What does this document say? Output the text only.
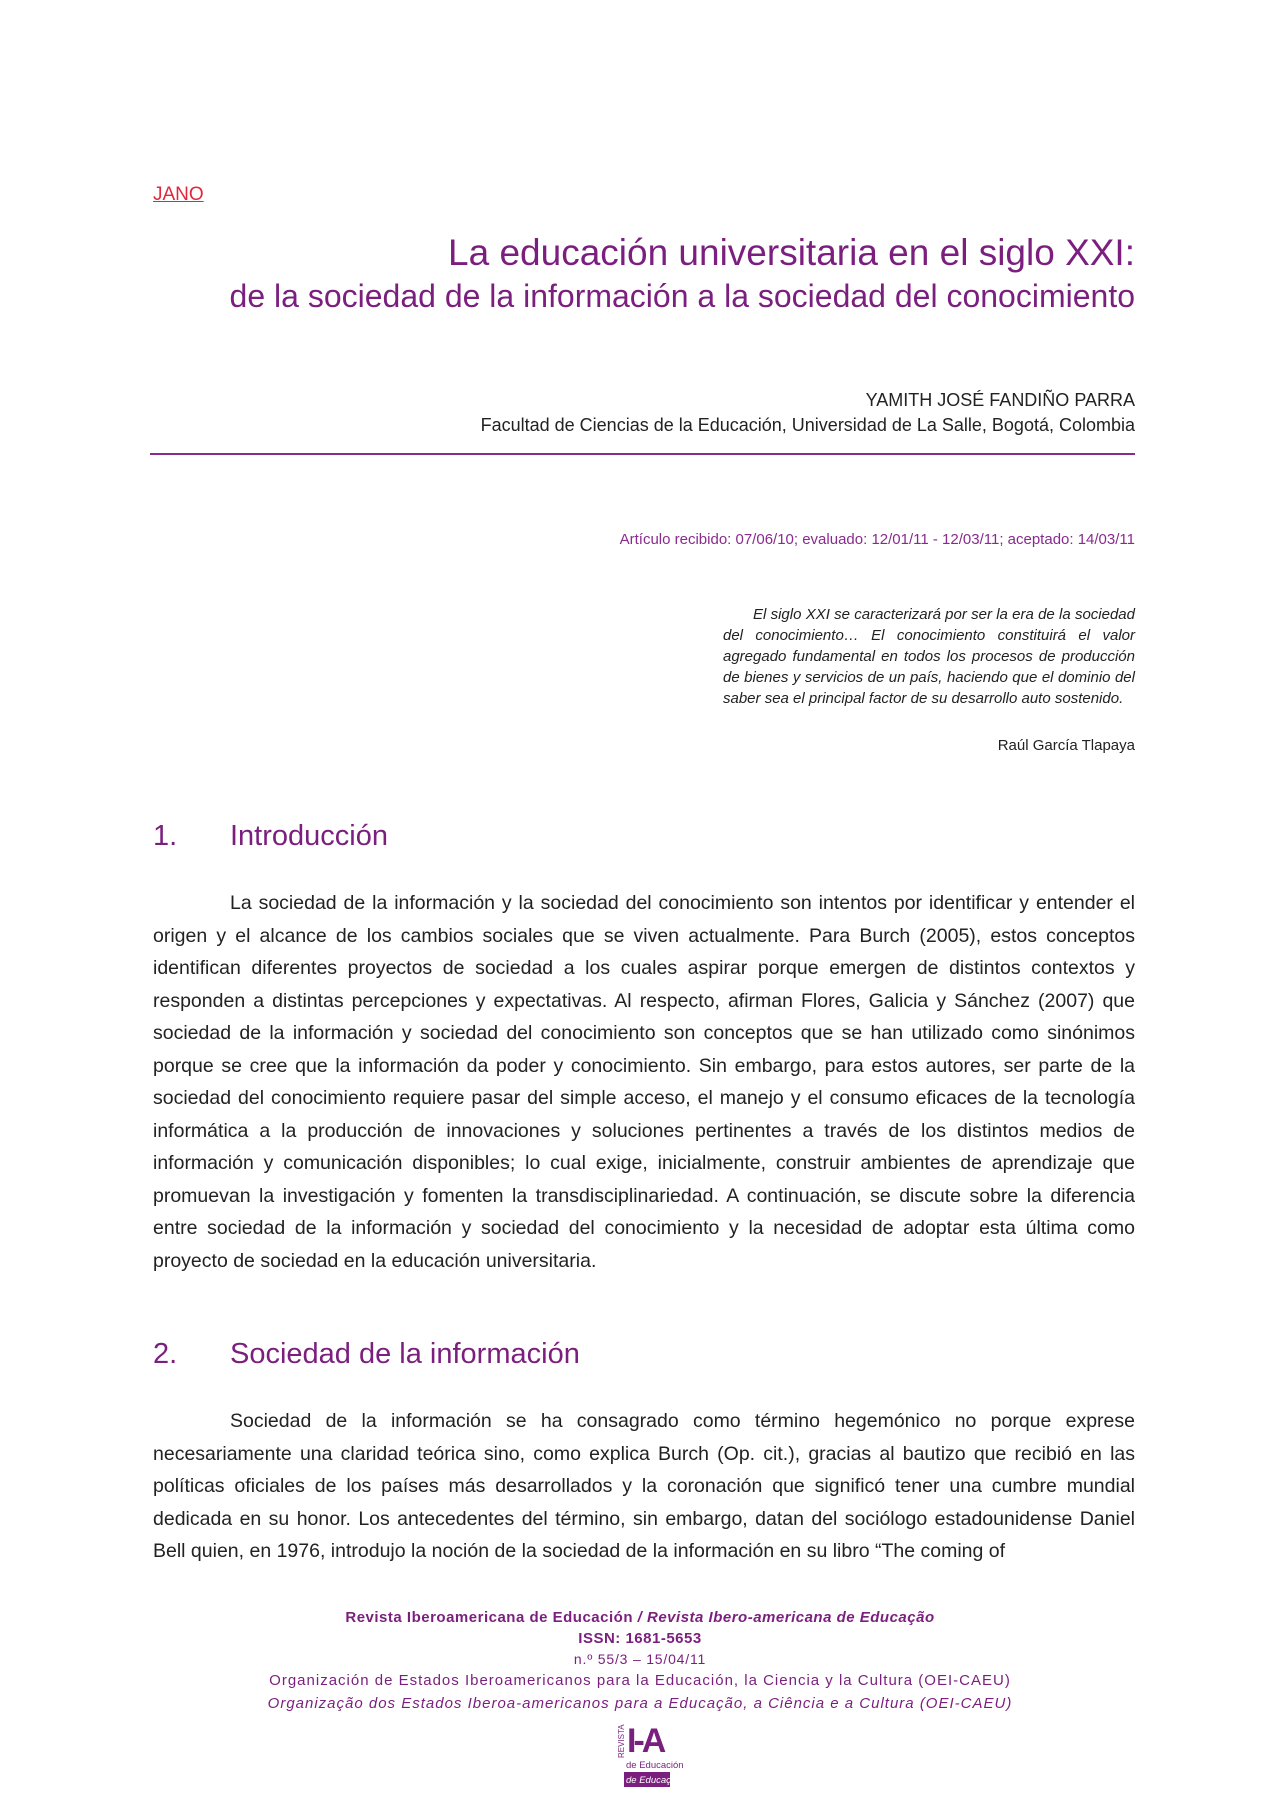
JANO
La educación universitaria en el siglo XXI:
de la sociedad de la información a la sociedad del conocimiento
YAMITH JOSÉ FANDIÑO PARRA
Facultad de Ciencias de la Educación, Universidad de La Salle, Bogotá, Colombia
Artículo recibido: 07/06/10; evaluado: 12/01/11 - 12/03/11; aceptado: 14/03/11
El siglo XXI se caracterizará por ser la era de la sociedad del conocimiento… El conocimiento constituirá el valor agregado fundamental en todos los procesos de producción de bienes y servicios de un país, haciendo que el dominio del saber sea el principal factor de su desarrollo auto sostenido.
Raúl García Tlapaya
1. Introducción
La sociedad de la información y la sociedad del conocimiento son intentos por identificar y entender el origen y el alcance de los cambios sociales que se viven actualmente. Para Burch (2005), estos conceptos identifican diferentes proyectos de sociedad a los cuales aspirar porque emergen de distintos contextos y responden a distintas percepciones y expectativas. Al respecto, afirman Flores, Galicia y Sánchez (2007) que sociedad de la información y sociedad del conocimiento son conceptos que se han utilizado como sinónimos porque se cree que la información da poder y conocimiento. Sin embargo, para estos autores, ser parte de la sociedad del conocimiento requiere pasar del simple acceso, el manejo y el consumo eficaces de la tecnología informática a la producción de innovaciones y soluciones pertinentes a través de los distintos medios de información y comunicación disponibles; lo cual exige, inicialmente, construir ambientes de aprendizaje que promuevan la investigación y fomenten la transdisciplinariedad. A continuación, se discute sobre la diferencia entre sociedad de la información y sociedad del conocimiento y la necesidad de adoptar esta última como proyecto de sociedad en la educación universitaria.
2. Sociedad de la información
Sociedad de la información se ha consagrado como término hegemónico no porque exprese necesariamente una claridad teórica sino, como explica Burch (Op. cit.), gracias al bautizo que recibió en las políticas oficiales de los países más desarrollados y la coronación que significó tener una cumbre mundial dedicada en su honor. Los antecedentes del término, sin embargo, datan del sociólogo estadounidense Daniel Bell quien, en 1976, introdujo la noción de la sociedad de la información en su libro “The coming of
Revista Iberoamericana de Educación / Revista Ibero-americana de Educação
ISSN: 1681-5653
n.º 55/3 – 15/04/11
Organización de Estados Iberoamericanos para la Educación, la Ciencia y la Cultura (OEI-CAEU)
Organização dos Estados Iberoa-americanos para a Educação, a Ciência e a Cultura (OEI-CAEU)
REVISTA I-A
de Educación
de Educação
